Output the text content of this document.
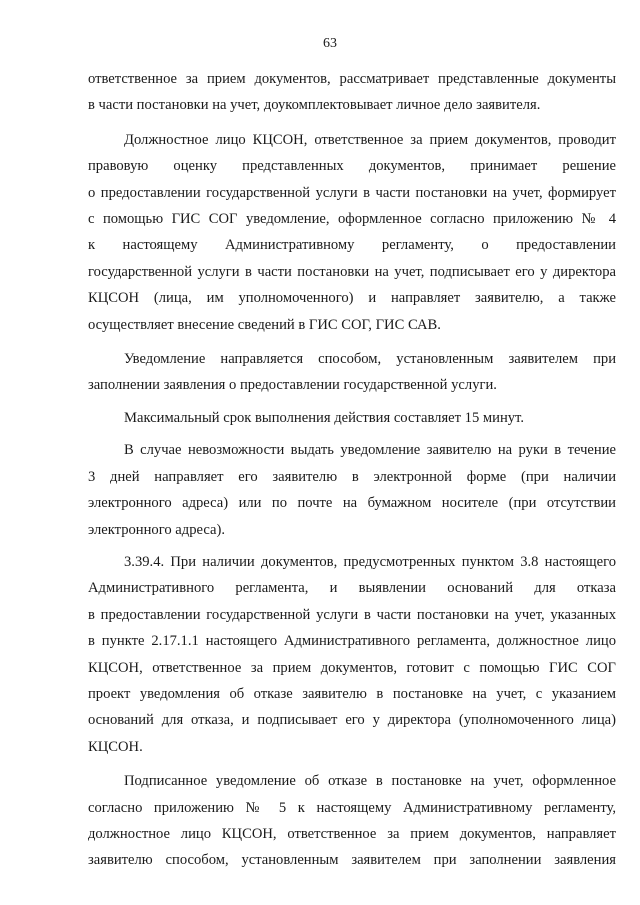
63

ответственное за прием документов, рассматривает представленные документы
в части постановки на учет, доукомплектовывает личное дело заявителя.

Должностное лицо КЦСОН, ответственное за прием документов, проводит
правовую оценку представленных документов, принимает решение
о предоставлении государственной услуги в части постановки на учет, формирует
с помощью ГИС СОГ уведомление, оформленное согласно приложению № 4
к настоящему Административному регламенту, о предоставлении
государственной услуги в части постановки на учет, подписывает его у директора
КЦСОН (лица, им уполномоченного) и направляет заявителю, а также
осуществляет внесение сведений в ГИС СОГ, ГИС САВ.

Уведомление направляется способом, установленным заявителем при
заполнении заявления о предоставлении государственной услуги.

Максимальный срок выполнения действия составляет 15 минут.

В случае невозможности выдать уведомление заявителю на руки в течение
3 дней направляет его заявителю в электронной форме (при наличии
электронного адреса) или по почте на бумажном носителе (при отсутствии
электронного адреса).

3.39.4. При наличии документов, предусмотренных пунктом 3.8 настоящего
Административного регламента, и выявлении оснований для отказа
в предоставлении государственной услуги в части постановки на учет, указанных
в пункте 2.17.1.1 настоящего Административного регламента, должностное лицо
КЦСОН, ответственное за прием документов, готовит с помощью ГИС СОГ
проект уведомления об отказе заявителю в постановке на учет, с указанием
оснований для отказа, и подписывает его у директора (уполномоченного лица)
КЦСОН.

Подписанное уведомление об отказе в постановке на учет, оформленное
согласно приложению № 5 к настоящему Административному регламенту,
должностное лицо КЦСОН, ответственное за прием документов, направляет
заявителю способом, установленным заявителем при заполнении заявления
